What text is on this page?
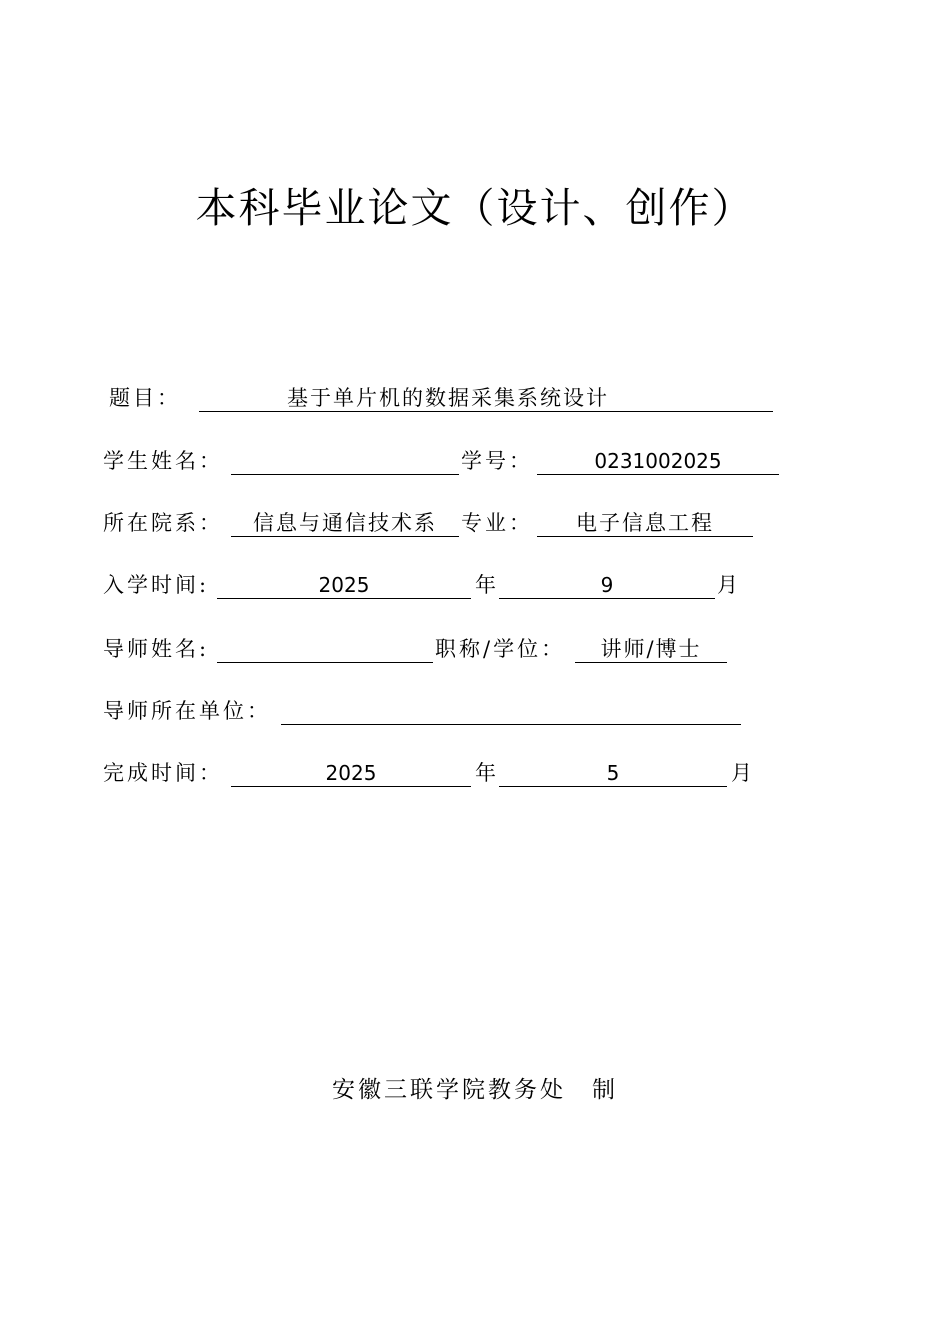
本科毕业论文（设计、创作）
题目：	基于单片机的数据采集系统设计
学生姓名：	学号：	0231002025
所在院系：	信息与通信技术系	专业：	电子信息工程
入学时间:	2025	年	9	月
导师姓名:	职称/学位：	讲师/博士
导师所在单位：
完成时间：	2025	年	5	月
安徽三联学院教务处 制
